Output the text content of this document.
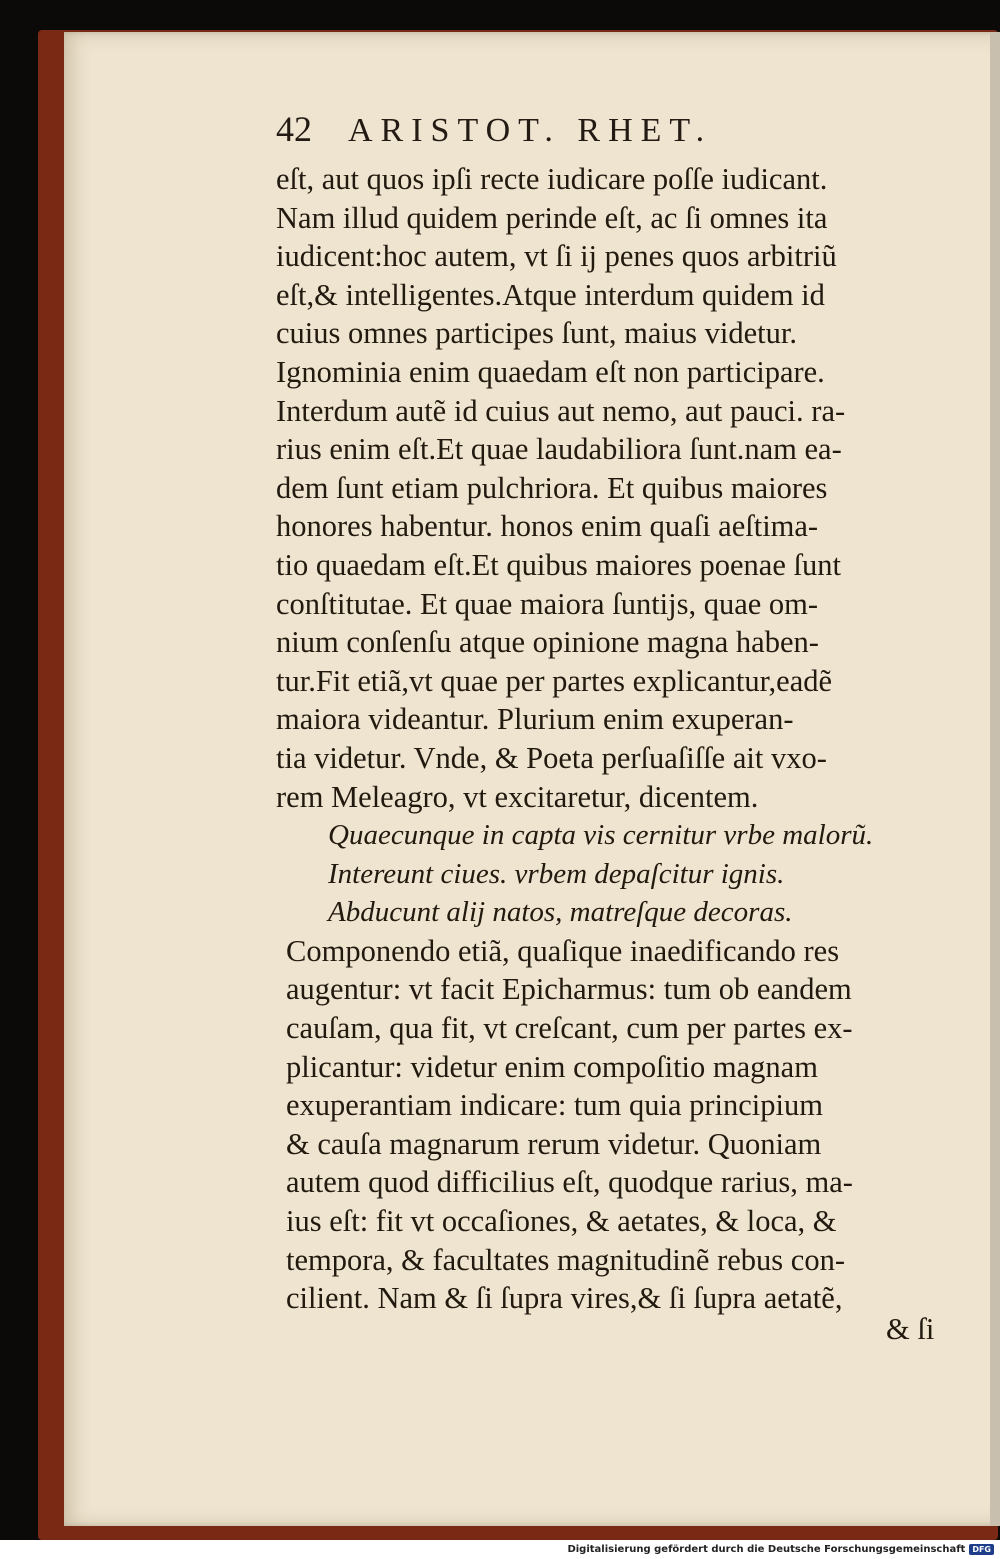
42 ARISTOT. RHET.
eſt, aut quos ipſi recte iudicare poſſe iudicant.
Nam illud quidem perinde eſt, ac ſi omnes ita
iudicent:hoc autem, vt ſi ij penes quos arbitriũ
eſt,& intelligentes.Atque interdum quidem id
cuius omnes participes ſunt, maius videtur.
Ignominia enim quaedam eſt non participare.
Interdum autẽ id cuius aut nemo, aut pauci. ra-
rius enim eſt.Et quae laudabiliora ſunt.nam ea-
dem ſunt etiam pulchriora. Et quibus maiores
honores habentur. honos enim quaſi aeſtima-
tio quaedam eſt.Et quibus maiores poenae ſunt
conſtitutae. Et quae maiora ſuntijs, quae om-
nium conſenſu atque opinione magna haben-
tur.Fit etiã,vt quae per partes explicantur,eadẽ
maiora videantur. Plurium enim exuperan-
tia videtur. Vnde, & Poeta perſuaſiſſe ait vxo-
rem Meleagro, vt excitaretur, dicentem.
Quaecunque in capta vis cernitur vrbe malorũ.
Intereunt ciues. vrbem depaſcitur ignis.
Abducunt alij natos, matreſque decoras.
Componendo etiã, quaſique inaedificando res
augentur: vt facit Epicharmus: tum ob eandem
cauſam, qua fit, vt creſcant, cum per partes ex-
plicantur: videtur enim compoſitio magnam
exuperantiam indicare: tum quia principium
& cauſa magnarum rerum videtur. Quoniam
autem quod difficilius eſt, quodque rarius, ma-
ius eſt: fit vt occaſiones, & aetates, & loca, &
tempora, & facultates magnitudinẽ rebus con-
cilient. Nam & ſi ſupra vires,& ſi ſupra aetatẽ,
& ſi
Digitalisierung gefördert durch die Deutsche Forschungsgemeinschaft DFG
